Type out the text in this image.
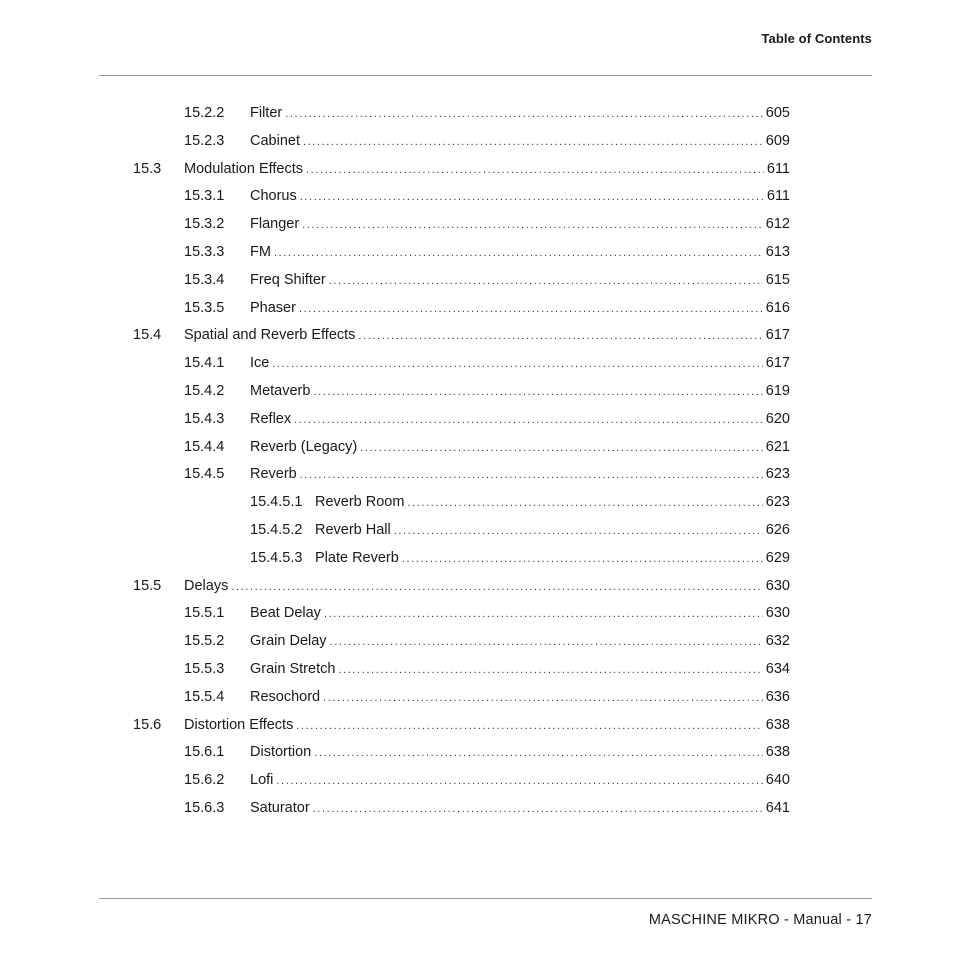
Table of Contents
15.2.2 Filter .....	605
15.2.3 Cabinet .....	609
15.3 Modulation Effects .....	611
15.3.1 Chorus .....	611
15.3.2 Flanger .....	612
15.3.3 FM .....	613
15.3.4 Freq Shifter .....	615
15.3.5 Phaser .....	616
15.4 Spatial and Reverb Effects .....	617
15.4.1 Ice .....	617
15.4.2 Metaverb .....	619
15.4.3 Reflex .....	620
15.4.4 Reverb (Legacy) .....	621
15.4.5 Reverb .....	623
15.4.5.1 Reverb Room .....	623
15.4.5.2 Reverb Hall .....	626
15.4.5.3 Plate Reverb .....	629
15.5 Delays .....	630
15.5.1 Beat Delay .....	630
15.5.2 Grain Delay .....	632
15.5.3 Grain Stretch .....	634
15.5.4 Resochord .....	636
15.6 Distortion Effects .....	638
15.6.1 Distortion .....	638
15.6.2 Lofi .....	640
15.6.3 Saturator .....	641
MASCHINE MIKRO - Manual - 17
